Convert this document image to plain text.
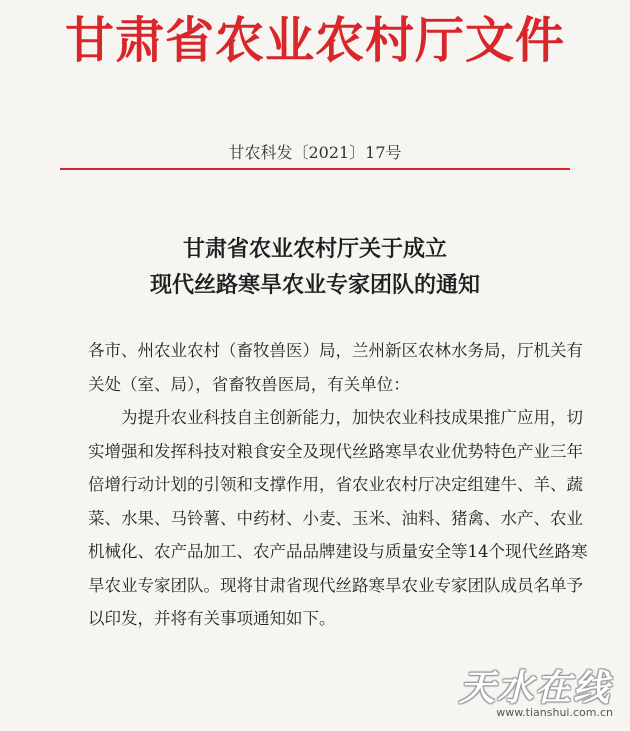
甘肃省农业农村厅文件
甘农科发〔2021〕17号
甘肃省农业农村厅关于成立
现代丝路寒旱农业专家团队的通知

各市、州农业农村（畜牧兽医）局，兰州新区农林水务局，厅机关有关处（室、局），省畜牧兽医局，有关单位：

为提升农业科技自主创新能力，加快农业科技成果推广应用，切实增强和发挥科技对粮食安全及现代丝路寒旱农业优势特色产业三年倍增行动计划的引领和支撑作用，省农业农村厅决定组建牛、羊、蔬菜、水果、马铃薯、中药材、小麦、玉米、油料、猪禽、水产、农业机械化、农产品加工、农产品品牌建设与质量安全等14个现代丝路寒旱农业专家团队。现将甘肃省现代丝路寒旱农业专家团队成员名单予以印发，并将有关事项通知如下。

天水在线
www.tianshui.com.cn
